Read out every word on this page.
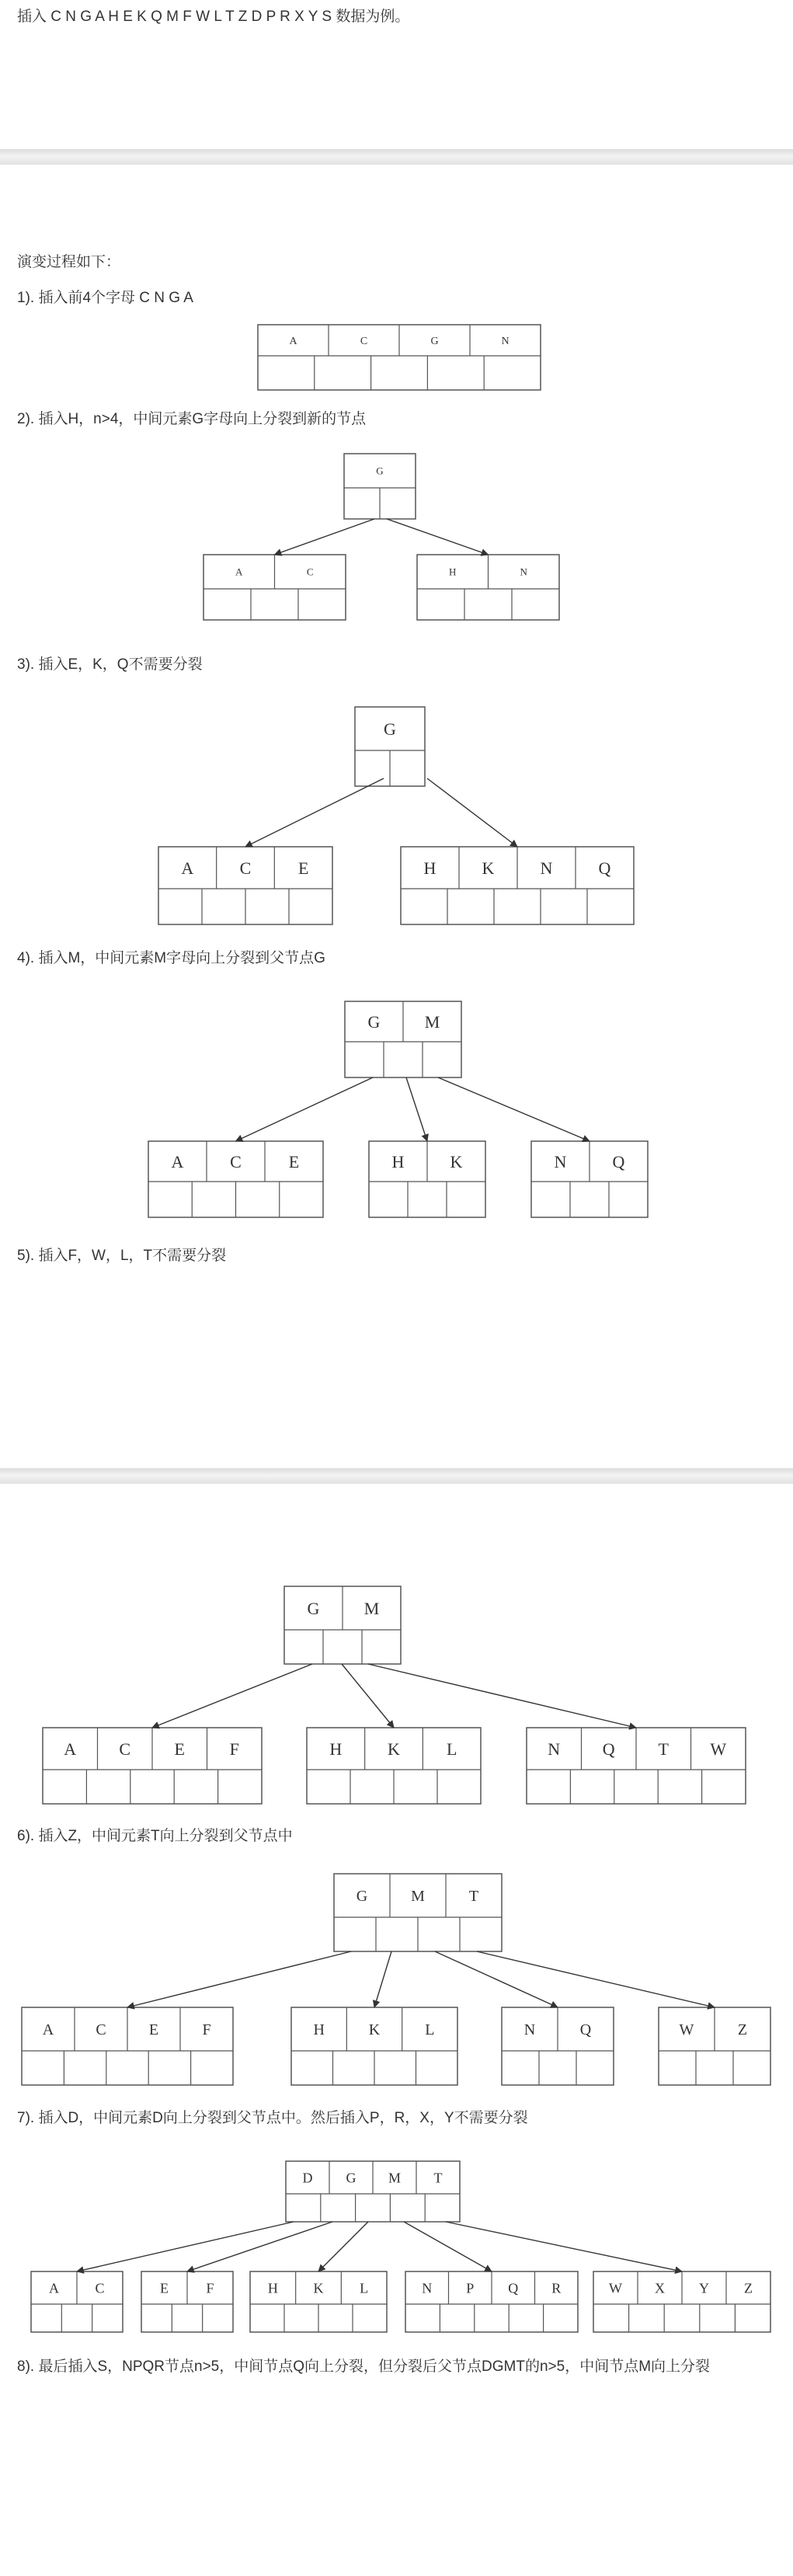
插入 C N G A H E K Q M F W L T Z D P R X Y S 数据为例。
演变过程如下：
1). 插入前4个字母 C N G A
2). 插入H，n>4，中间元素G字母向上分裂到新的节点
3). 插入E，K，Q不需要分裂
4). 插入M，中间元素M字母向上分裂到父节点G
5). 插入F，W，L，T不需要分裂
6). 插入Z，中间元素T向上分裂到父节点中
7). 插入D，中间元素D向上分裂到父节点中。然后插入P，R，X，Y不需要分裂
8). 最后插入S，NPQR节点n>5，中间节点Q向上分裂，但分裂后父节点DGMT的n>5，中间节点M向上分裂
A	C	G	N
G
A	C	H	N
G
A	C	E	H	K	N	Q
G	M
A	C	E	H	K	N	Q
G	M
A	C	E	F	H	K	L	N Q	T W
G	M	T
A	C	E	F	H	K	L	N	Q	W	Z
D G M T
A	C	E	F	H	K	L	N P Q R	W X Y	Z
